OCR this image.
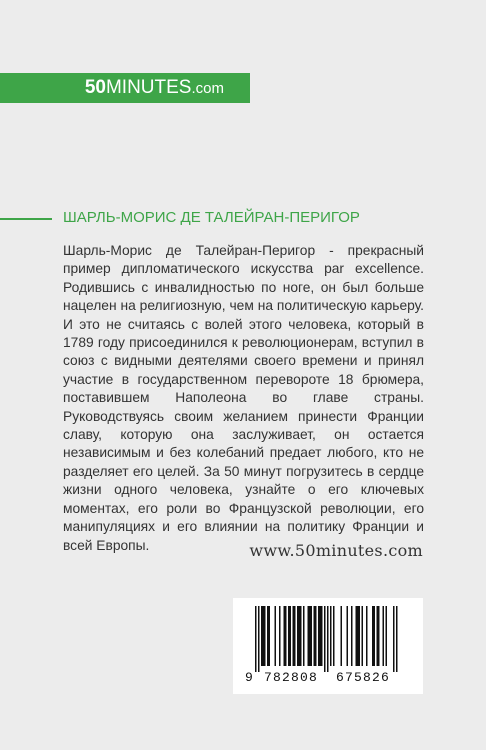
50MINUTES.com
ШАРЛЬ-МОРИС ДЕ ТАЛЕЙРАН-ПЕРИГОР
Шарль-Морис де Талейран-Перигор - прекрасный пример дипломатического искусства par excellence. Родившись с инвалидностью по ноге, он был больше нацелен на религиозную, чем на политическую карьеру. И это не считаясь с волей этого человека, который в 1789 году присоединился к революционерам, вступил в союз с видными деятелями своего времени и принял участие в государственном перевороте 18 брюмера, поставившем Наполеона во главе страны. Руководствуясь своим желанием принести Франции славу, которую она заслуживает, он остается независимым и без колебаний предает любого, кто не разделяет его целей. За 50 минут погрузитесь в сердце жизни одного человека, узнайте о его ключевых моментах, его роли во Французской революции, его манипуляциях и его влиянии на политику Франции и всей Европы.	www.50minutes.com
9 782808 675826
